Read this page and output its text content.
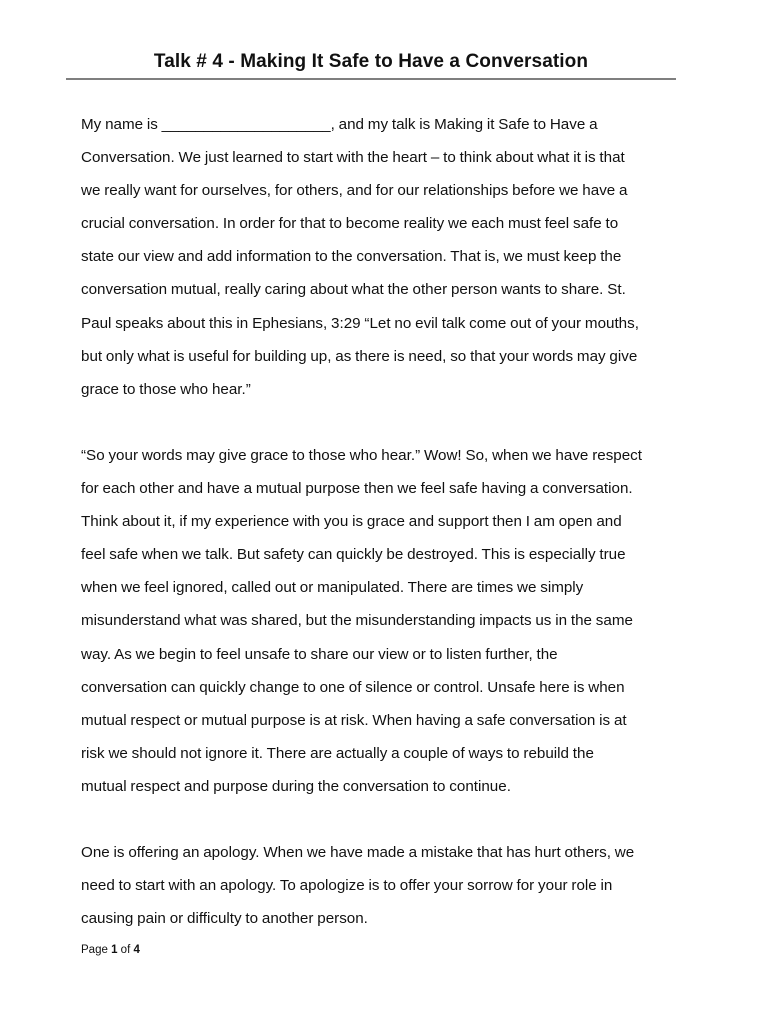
Talk # 4 - Making It Safe to Have a Conversation
My name is ____________________, and my talk is Making it Safe to Have a
Conversation. We just learned to start with the heart – to think about what it is that
we really want for ourselves, for others, and for our relationships before we have a
crucial conversation. In order for that to become reality we each must feel safe to
state our view and add information to the conversation. That is, we must keep the
conversation mutual, really caring about what the other person wants to share. St.
Paul speaks about this in Ephesians, 3:29 “Let no evil talk come out of your mouths,
but only what is useful for building up, as there is need, so that your words may give
grace to those who hear.”
“So your words may give grace to those who hear.” Wow! So, when we have respect
for each other and have a mutual purpose then we feel safe having a conversation.
Think about it, if my experience with you is grace and support then I am open and
feel safe when we talk. But safety can quickly be destroyed. This is especially true
when we feel ignored, called out or manipulated. There are times we simply
misunderstand what was shared, but the misunderstanding impacts us in the same
way. As we begin to feel unsafe to share our view or to listen further, the
conversation can quickly change to one of silence or control. Unsafe here is when
mutual respect or mutual purpose is at risk. When having a safe conversation is at
risk we should not ignore it. There are actually a couple of ways to rebuild the
mutual respect and purpose during the conversation to continue.
One is offering an apology. When we have made a mistake that has hurt others, we
need to start with an apology. To apologize is to offer your sorrow for your role in
causing pain or difficulty to another person.
Page 1 of 4
